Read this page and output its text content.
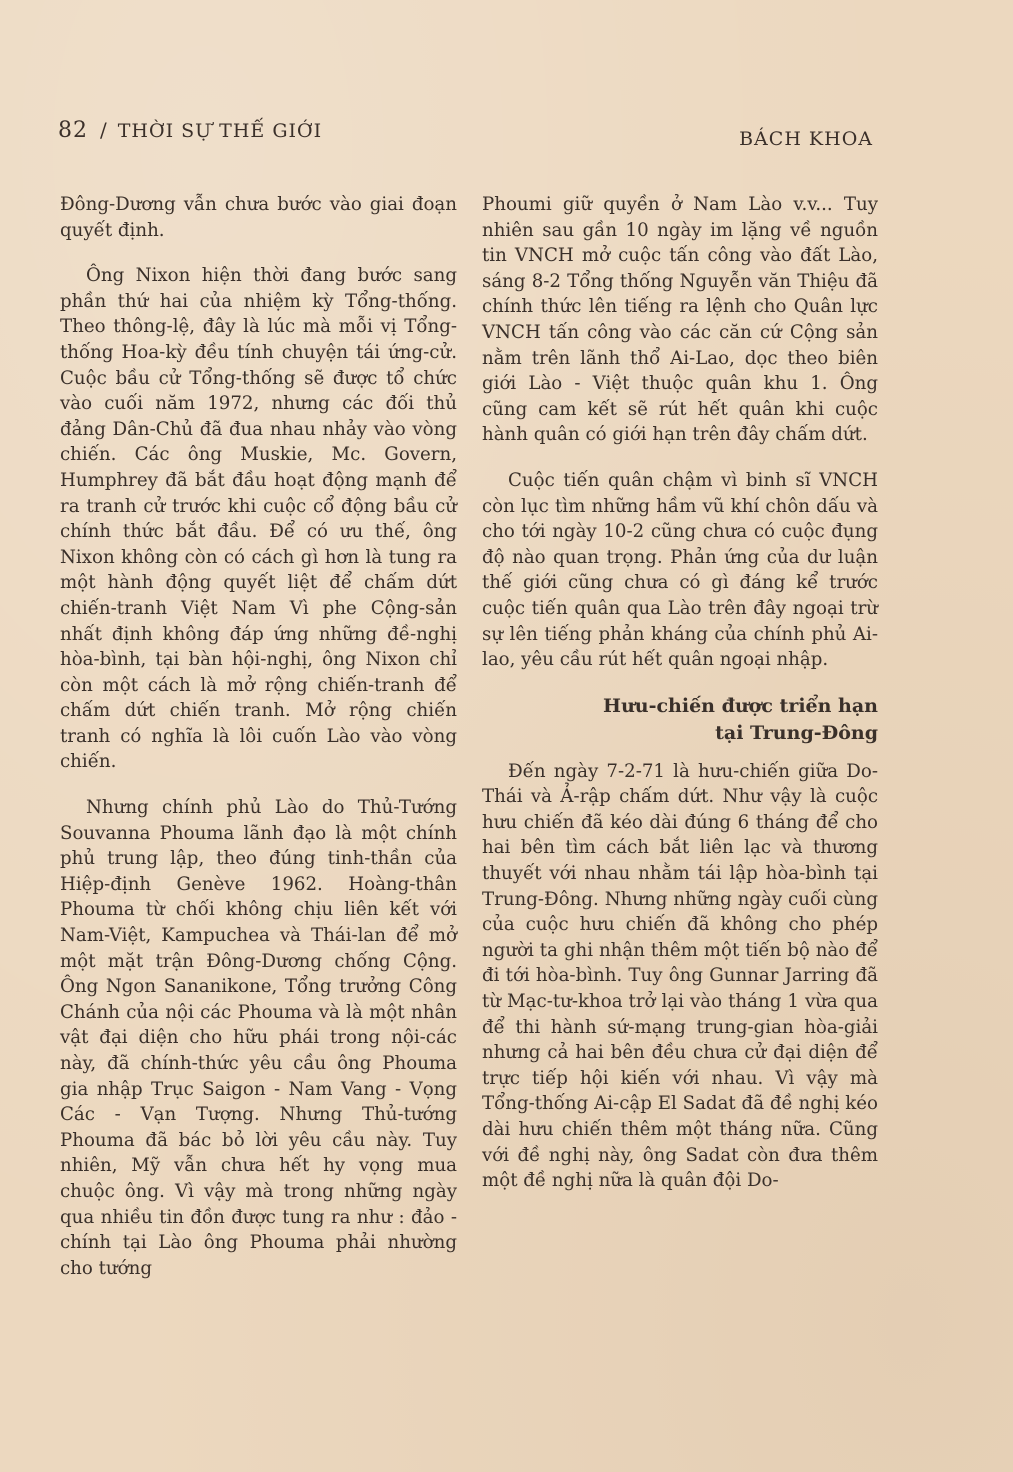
82 / THỜI SỰ THẾ GIỚI	BÁCH KHOA

Đông-Dương vẫn chưa bước vào giai đoạn quyết định.

Ông Nixon hiện thời đang bước sang phần thứ hai của nhiệm kỳ Tổng-thống. Theo thông-lệ, đây là lúc mà mỗi vị Tổng-thống Hoa-kỳ đều tính chuyện tái ứng-cử. Cuộc bầu cử Tổng-thống sẽ được tổ chức vào cuối năm 1972, nhưng các đối thủ đảng Dân-Chủ đã đua nhau nhảy vào vòng chiến. Các ông Muskie, Mc. Govern, Humphrey đã bắt đầu hoạt động mạnh để ra tranh cử trước khi cuộc cổ động bầu cử chính thức bắt đầu. Để có ưu thế, ông Nixon không còn có cách gì hơn là tung ra một hành động quyết liệt để chấm dứt chiến-tranh Việt Nam Vì phe Cộng-sản nhất định không đáp ứng những đề-nghị hòa-bình, tại bàn hội-nghị, ông Nixon chỉ còn một cách là mở rộng chiến-tranh để chấm dứt chiến tranh. Mở rộng chiến tranh có nghĩa là lôi cuốn Lào vào vòng chiến.

Nhưng chính phủ Lào do Thủ-Tướng Souvanna Phouma lãnh đạo là một chính phủ trung lập, theo đúng tinh-thần của Hiệp-định Genève 1962. Hoàng-thân Phouma từ chối không chịu liên kết với Nam-Việt, Kampuchea và Thái-lan để mở một mặt trận Đông-Dương chống Cộng. Ông Ngon Sananikone, Tổng trưởng Công Chánh của nội các Phouma và là một nhân vật đại diện cho hữu phái trong nội-các này, đã chính-thức yêu cầu ông Phouma gia nhập Trục Saigon - Nam Vang - Vọng Các - Vạn Tượng. Nhưng Thủ-tướng Phouma đã bác bỏ lời yêu cầu này. Tuy nhiên, Mỹ vẫn chưa hết hy vọng mua chuộc ông. Vì vậy mà trong những ngày qua nhiều tin đồn được tung ra như : đảo - chính tại Lào ông Phouma phải nhường cho tướng

Phoumi giữ quyền ở Nam Lào v.v... Tuy nhiên sau gần 10 ngày im lặng về nguồn tin VNCH mở cuộc tấn công vào đất Lào, sáng 8-2 Tổng thống Nguyễn văn Thiệu đã chính thức lên tiếng ra lệnh cho Quân lực VNCH tấn công vào các căn cứ Cộng sản nằm trên lãnh thổ Ai-Lao, dọc theo biên giới Lào - Việt thuộc quân khu 1. Ông cũng cam kết sẽ rút hết quân khi cuộc hành quân có giới hạn trên đây chấm dứt.

Cuộc tiến quân chậm vì binh sĩ VNCH còn lục tìm những hầm vũ khí chôn dấu và cho tới ngày 10-2 cũng chưa có cuộc đụng độ nào quan trọng. Phản ứng của dư luận thế giới cũng chưa có gì đáng kể trước cuộc tiến quân qua Lào trên đây ngoại trừ sự lên tiếng phản kháng của chính phủ Ai-lao, yêu cầu rút hết quân ngoại nhập.

Hưu-chiến được triển hạn
tại Trung-Đông

Đến ngày 7-2-71 là hưu-chiến giữa Do-Thái và Ả-rập chấm dứt. Như vậy là cuộc hưu chiến đã kéo dài đúng 6 tháng để cho hai bên tìm cách bắt liên lạc và thương thuyết với nhau nhằm tái lập hòa-bình tại Trung-Đông. Nhưng những ngày cuối cùng của cuộc hưu chiến đã không cho phép người ta ghi nhận thêm một tiến bộ nào để đi tới hòa-bình. Tuy ông Gunnar Jarring đã từ Mạc-tư-khoa trở lại vào tháng 1 vừa qua để thi hành sứ-mạng trung-gian hòa-giải nhưng cả hai bên đều chưa cử đại diện để trực tiếp hội kiến với nhau. Vì vậy mà Tổng-thống Ai-cập El Sadat đã đề nghị kéo dài hưu chiến thêm một tháng nữa. Cũng với đề nghị này, ông Sadat còn đưa thêm một đề nghị nữa là quân đội Do-
